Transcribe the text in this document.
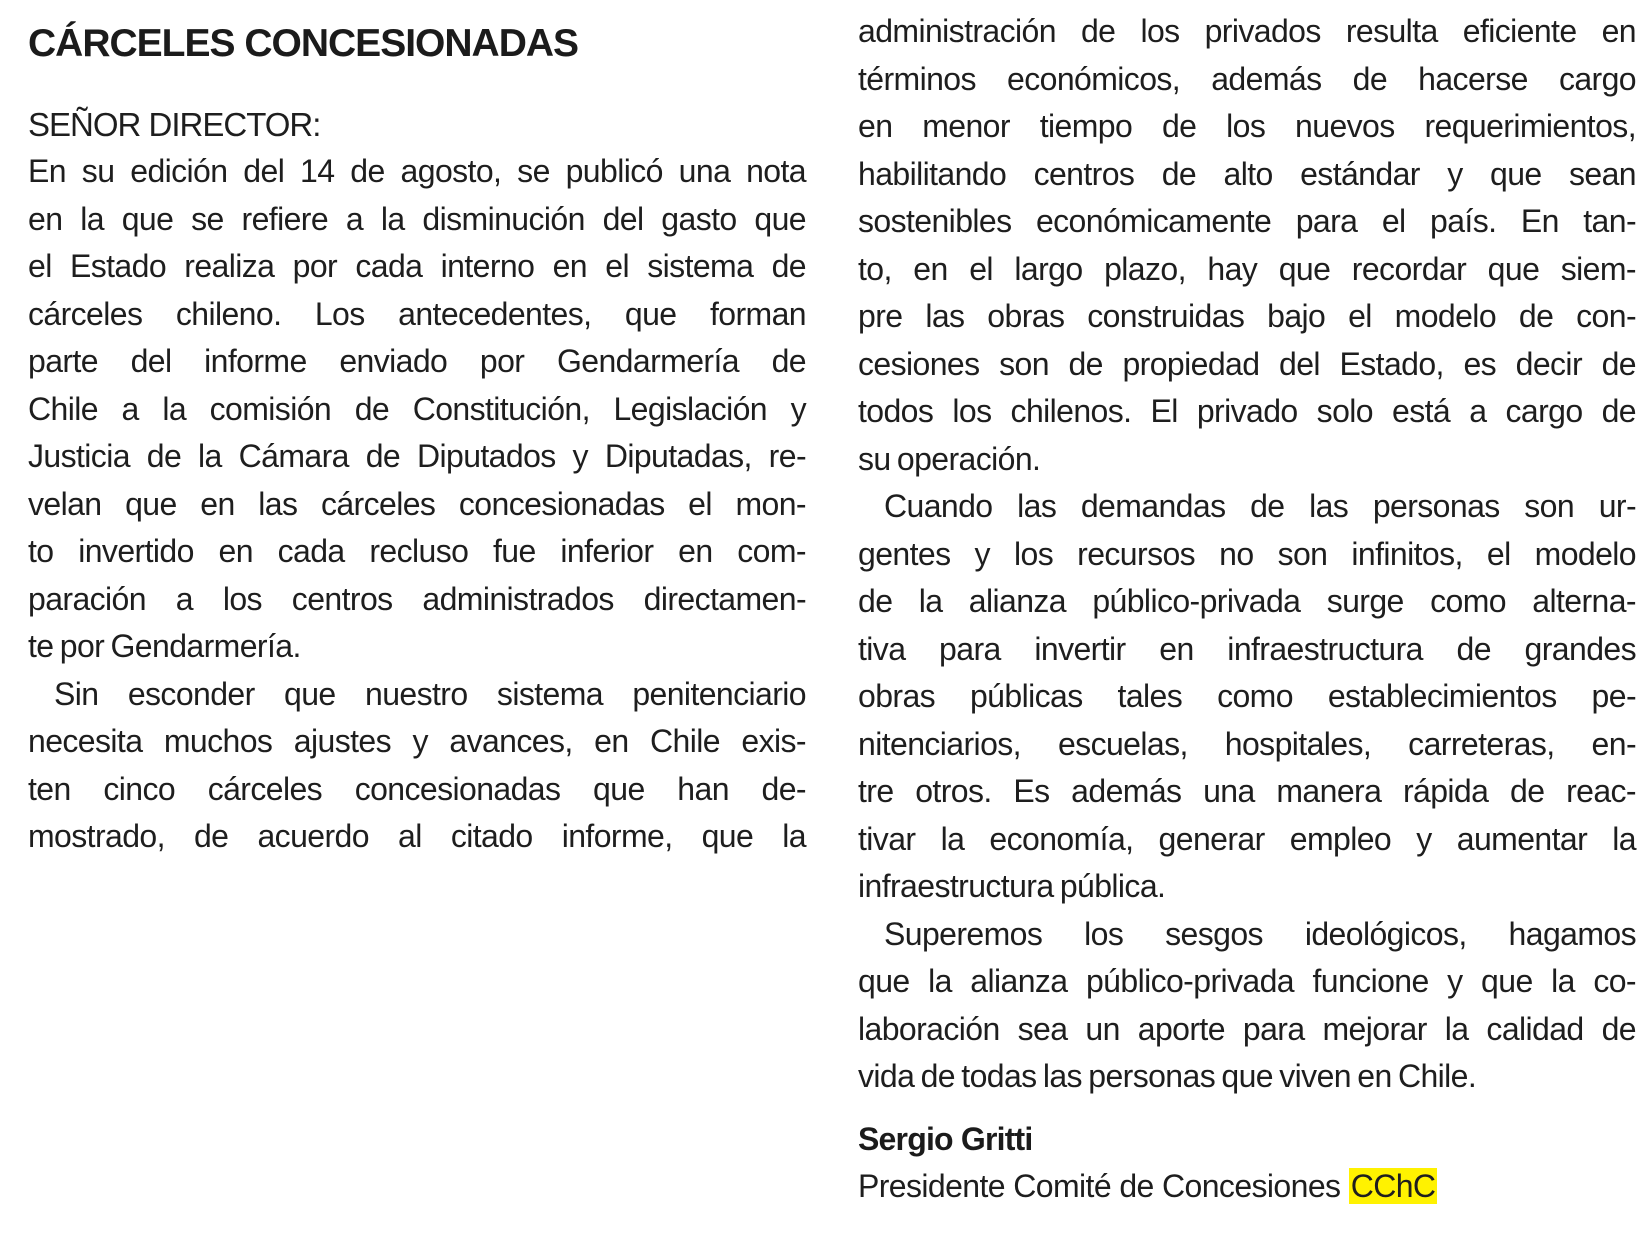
CÁRCELES CONCESIONADAS

SEÑOR DIRECTOR:

En su edición del 14 de agosto, se publicó una nota
en la que se refiere a la disminución del gasto que
el Estado realiza por cada interno en el sistema de
cárceles chileno. Los antecedentes, que forman
parte del informe enviado por Gendarmería de
Chile a la comisión de Constitución, Legislación y
Justicia de la Cámara de Diputados y Diputadas, re-
velan que en las cárceles concesionadas el mon-
to invertido en cada recluso fue inferior en com-
paración a los centros administrados directamen-
te por Gendarmería.
Sin esconder que nuestro sistema penitenciario
necesita muchos ajustes y avances, en Chile exis-
ten cinco cárceles concesionadas que han de-
mostrado, de acuerdo al citado informe, que la
administración de los privados resulta eficiente en
términos económicos, además de hacerse cargo
en menor tiempo de los nuevos requerimientos,
habilitando centros de alto estándar y que sean
sostenibles económicamente para el país. En tan-
to, en el largo plazo, hay que recordar que siem-
pre las obras construidas bajo el modelo de con-
cesiones son de propiedad del Estado, es decir de
todos los chilenos. El privado solo está a cargo de
su operación.
Cuando las demandas de las personas son ur-
gentes y los recursos no son infinitos, el modelo
de la alianza público-privada surge como alterna-
tiva para invertir en infraestructura de grandes
obras públicas tales como establecimientos pe-
nitenciarios, escuelas, hospitales, carreteras, en-
tre otros. Es además una manera rápida de reac-
tivar la economía, generar empleo y aumentar la
infraestructura pública.
Superemos los sesgos ideológicos, hagamos
que la alianza público-privada funcione y que la co-
laboración sea un aporte para mejorar la calidad de
vida de todas las personas que viven en Chile.
Sergio Gritti
Presidente Comité de Concesiones CChC
